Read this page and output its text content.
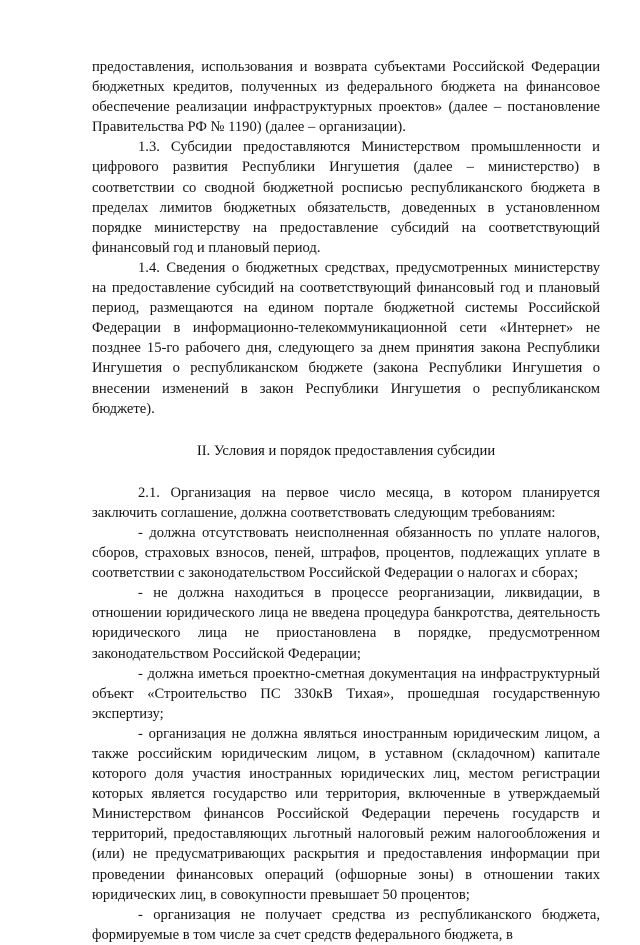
предоставления, использования и возврата субъектами Российской Федерации бюджетных кредитов, полученных из федерального бюджета на финансовое обеспечение реализации инфраструктурных проектов» (далее – постановление Правительства РФ № 1190) (далее – организации).

1.3. Субсидии предоставляются Министерством промышленности и цифрового развития Республики Ингушетия (далее – министерство) в соответствии со сводной бюджетной росписью республиканского бюджета в пределах лимитов бюджетных обязательств, доведенных в установленном порядке министерству на предоставление субсидий на соответствующий финансовый год и плановый период.

1.4. Сведения о бюджетных средствах, предусмотренных министерству на предоставление субсидий на соответствующий финансовый год и плановый период, размещаются на едином портале бюджетной системы Российской Федерации в информационно-телекоммуникационной сети «Интернет» не позднее 15-го рабочего дня, следующего за днем принятия закона Республики Ингушетия о республиканском бюджете (закона Республики Ингушетия о внесении изменений в закон Республики Ингушетия о республиканском бюджете).

II. Условия и порядок предоставления субсидии

2.1. Организация на первое число месяца, в котором планируется заключить соглашение, должна соответствовать следующим требованиям:

- должна отсутствовать неисполненная обязанность по уплате налогов, сборов, страховых взносов, пеней, штрафов, процентов, подлежащих уплате в соответствии с законодательством Российской Федерации о налогах и сборах;

- не должна находиться в процессе реорганизации, ликвидации, в отношении юридического лица не введена процедура банкротства, деятельность юридического лица не приостановлена в порядке, предусмотренном законодательством Российской Федерации;

- должна иметься проектно-сметная документация на инфраструктурный объект «Строительство ПС 330кВ Тихая», прошедшая государственную экспертизу;

- организация не должна являться иностранным юридическим лицом, а также российским юридическим лицом, в уставном (складочном) капитале которого доля участия иностранных юридических лиц, местом регистрации которых является государство или территория, включенные в утверждаемый Министерством финансов Российской Федерации перечень государств и территорий, предоставляющих льготный налоговый режим налогообложения и (или) не предусматривающих раскрытия и предоставления информации при проведении финансовых операций (офшорные зоны) в отношении таких юридических лиц, в совокупности превышает 50 процентов;

- организация не получает средства из республиканского бюджета, формируемые в том числе за счет средств федерального бюджета, в
